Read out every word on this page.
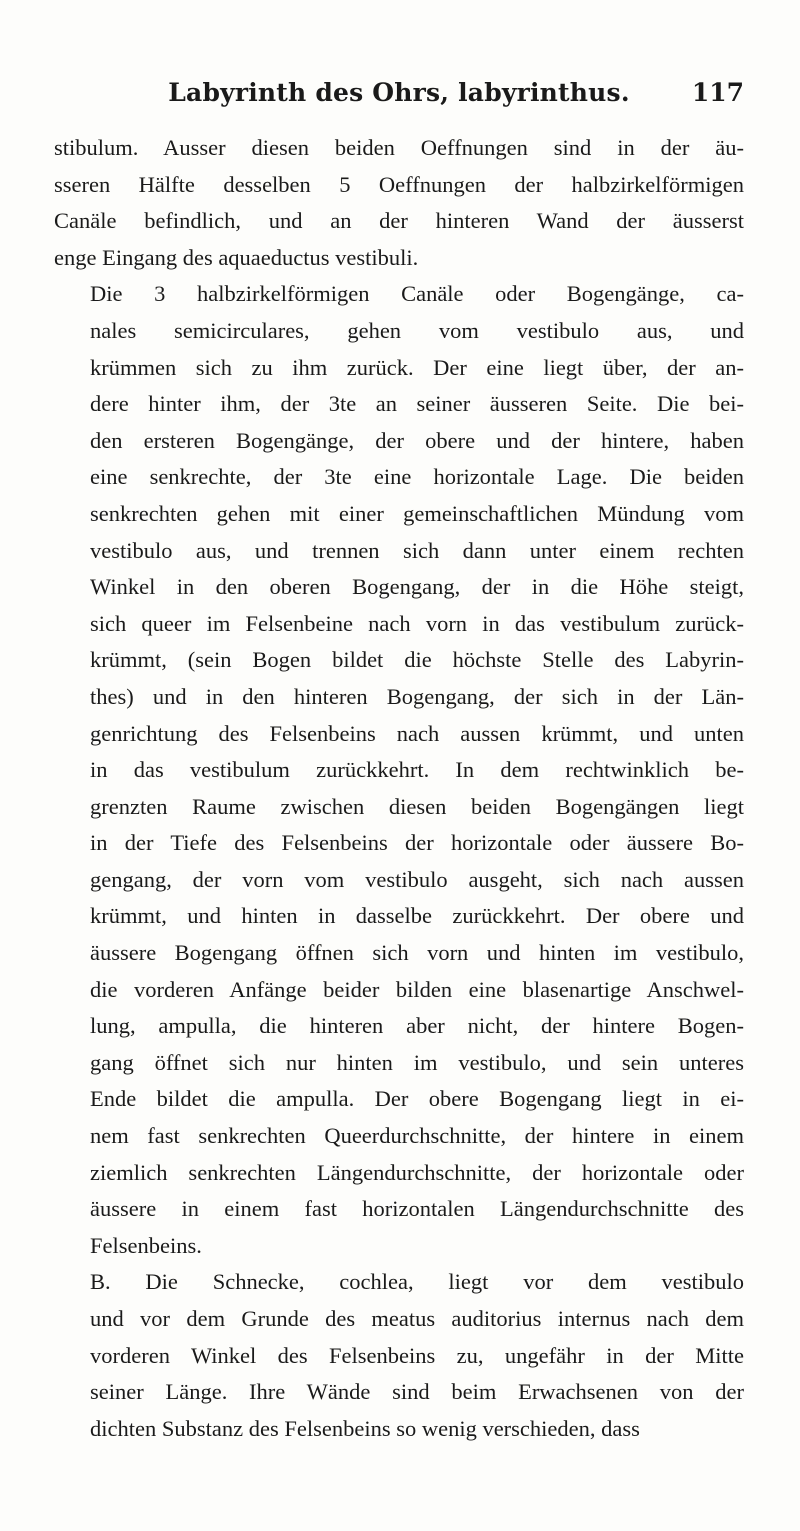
Labyrinth des Ohrs, labyrinthus. 117
stibulum. Ausser diesen beiden Oeffnungen sind in der äu-
sseren Hälfte desselben 5 Oeffnungen der halbzirkelförmigen
Canäle befindlich, und an der hinteren Wand der äusserst
enge Eingang des aquaeductus vestibuli.
Die 3 halbzirkelförmigen Canäle oder Bogengänge, ca-
nales semicirculares, gehen vom vestibulo aus, und
krümmen sich zu ihm zurück. Der eine liegt über, der an-
dere hinter ihm, der 3te an seiner äusseren Seite. Die bei-
den ersteren Bogengänge, der obere und der hintere, haben
eine senkrechte, der 3te eine horizontale Lage. Die beiden
senkrechten gehen mit einer gemeinschaftlichen Mündung vom
vestibulo aus, und trennen sich dann unter einem rechten
Winkel in den oberen Bogengang, der in die Höhe steigt,
sich queer im Felsenbeine nach vorn in das vestibulum zurück-
krümmt, (sein Bogen bildet die höchste Stelle des Labyrin-
thes) und in den hinteren Bogengang, der sich in der Län-
genrichtung des Felsenbeins nach aussen krümmt, und unten
in das vestibulum zurückkehrt. In dem rechtwinklich be-
grenzten Raume zwischen diesen beiden Bogengängen liegt
in der Tiefe des Felsenbeins der horizontale oder äussere Bo-
gengang, der vorn vom vestibulo ausgeht, sich nach aussen
krümmt, und hinten in dasselbe zurückkehrt. Der obere und
äussere Bogengang öffnen sich vorn und hinten im vestibulo,
die vorderen Anfänge beider bilden eine blasenartige Anschwel-
lung, ampulla, die hinteren aber nicht, der hintere Bogen-
gang öffnet sich nur hinten im vestibulo, und sein unteres
Ende bildet die ampulla. Der obere Bogengang liegt in ei-
nem fast senkrechten Queerdurchschnitte, der hintere in einem
ziemlich senkrechten Längendurchschnitte, der horizontale oder
äussere in einem fast horizontalen Längendurchschnitte des
Felsenbeins.
B. Die Schnecke, cochlea, liegt vor dem vestibulo
und vor dem Grunde des meatus auditorius internus nach dem
vorderen Winkel des Felsenbeins zu, ungefähr in der Mitte
seiner Länge. Ihre Wände sind beim Erwachsenen von der
dichten Substanz des Felsenbeins so wenig verschieden, dass
